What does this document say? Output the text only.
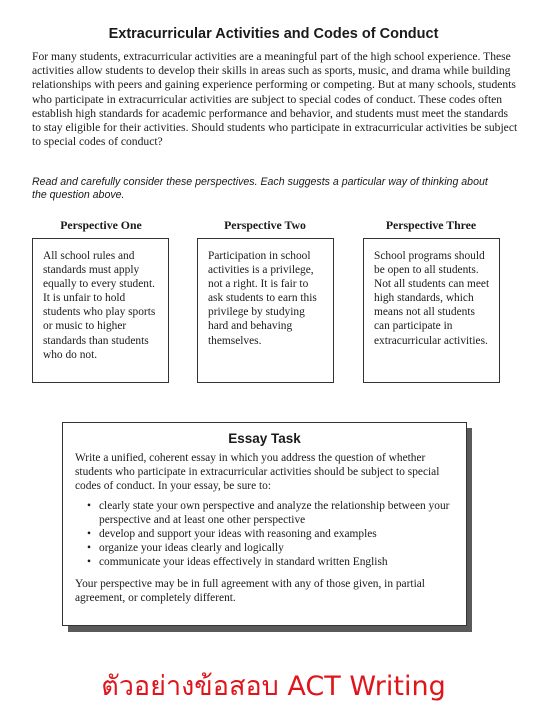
Extracurricular Activities and Codes of Conduct

For many students, extracurricular activities are a meaningful part of the high school experience. These activities allow students to develop their skills in areas such as sports, music, and drama while building relationships with peers and gaining experience performing or competing. But at many schools, students who participate in extracurricular activities are subject to special codes of conduct. These codes often establish high standards for academic performance and behavior, and students must meet the standards to stay eligible for their activities. Should students who participate in extracurricular activities be subject to special codes of conduct?

Read and carefully consider these perspectives. Each suggests a particular way of thinking about the question above.

Perspective One	Perspective Two	Perspective Three
All school rules and standards must apply equally to every student. It is unfair to hold students who play sports or music to higher standards than students who do not.
Participation in school activities is a privilege, not a right. It is fair to ask students to earn this privilege by studying hard and behaving themselves.
School programs should be open to all students. Not all students can meet high standards, which means not all students can participate in extracurricular activities.
Essay Task

Write a unified, coherent essay in which you address the question of whether students who participate in extracurricular activities should be subject to special codes of conduct. In your essay, be sure to:

• clearly state your own perspective and analyze the relationship between your perspective and at least one other perspective
• develop and support your ideas with reasoning and examples
• organize your ideas clearly and logically
• communicate your ideas effectively in standard written English

Your perspective may be in full agreement with any of those given, in partial agreement, or completely different.

ตัวอย่างข้อสอบ ACT Writing
